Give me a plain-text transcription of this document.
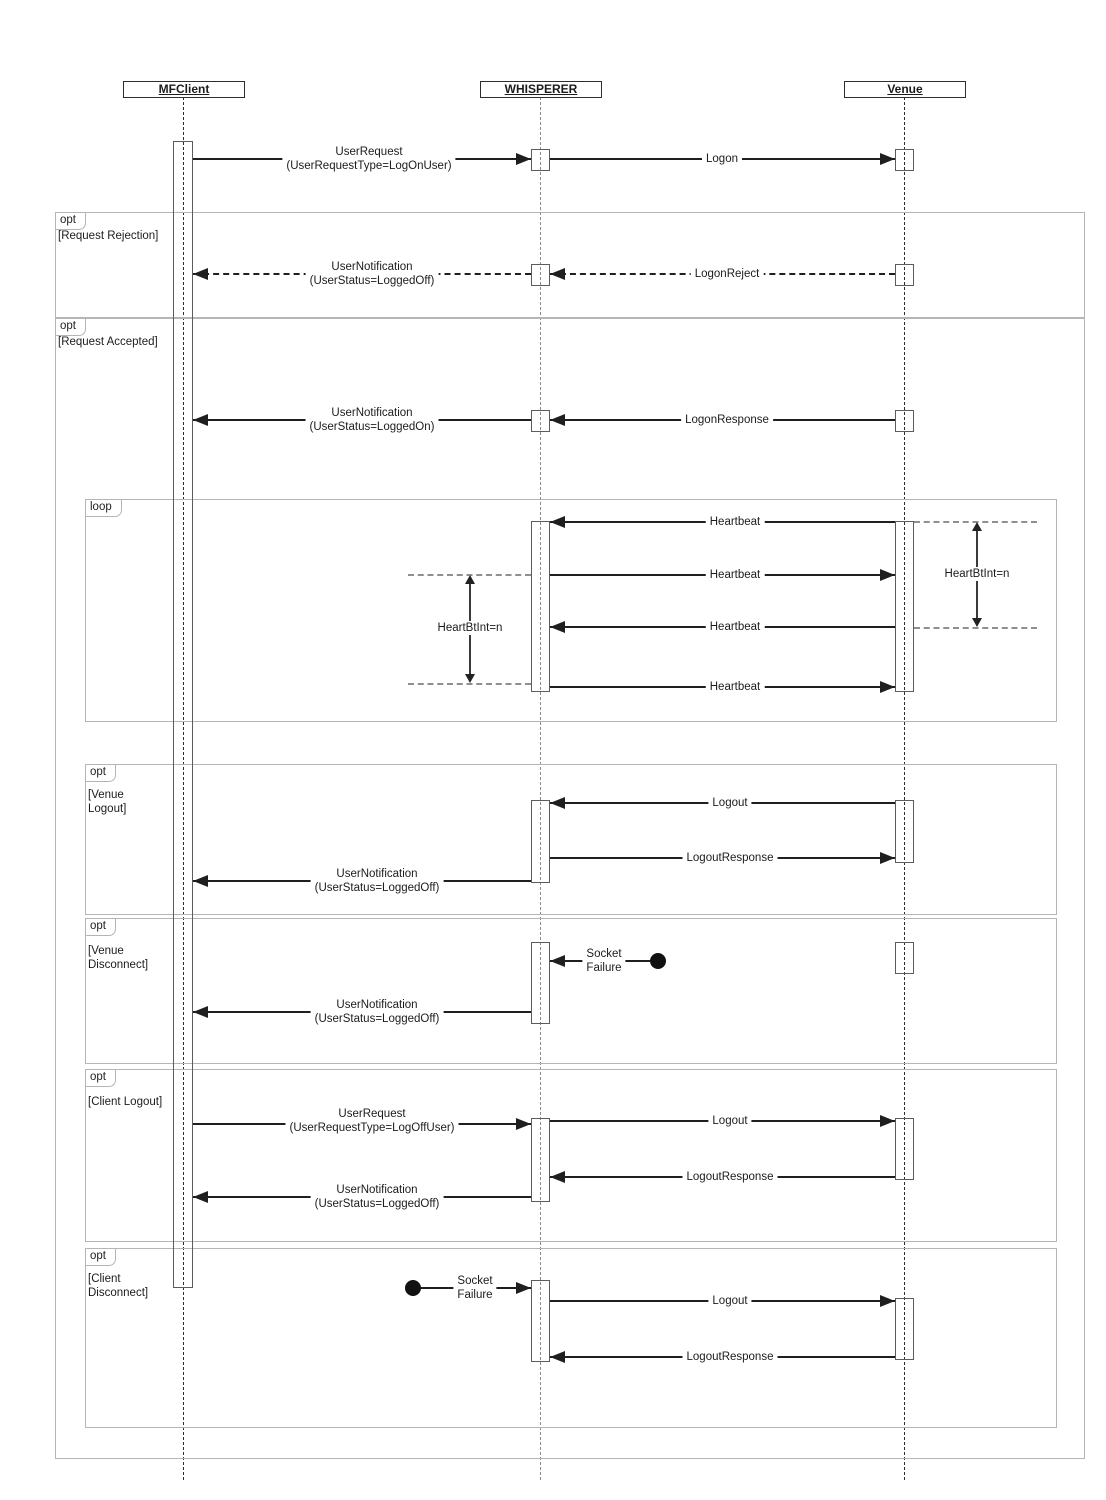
opt
opt
loop
opt
opt
opt
opt
[Request Rejection]
[Request Accepted]
[Venue
Logout]
[Venue
Disconnect]
[Client Logout]
[Client
Disconnect]
MFClient	WHISPERER	Venue
UserRequest
(UserRequestType=LogOnUser)
Logon
UserNotification
(UserStatus=LoggedOff)
LogonReject
UserNotification
(UserStatus=LoggedOn)
LogonResponse
Heartbeat
Heartbeat
Heartbeat
Heartbeat
HeartBtInt=n
HeartBtInt=n
Logout
LogoutResponse
UserNotification
(UserStatus=LoggedOff)
Socket
Failure
UserNotification
(UserStatus=LoggedOff)
UserRequest
(UserRequestType=LogOffUser)
Logout
LogoutResponse
UserNotification
(UserStatus=LoggedOff)
Socket
Failure	Logout
LogoutResponse
